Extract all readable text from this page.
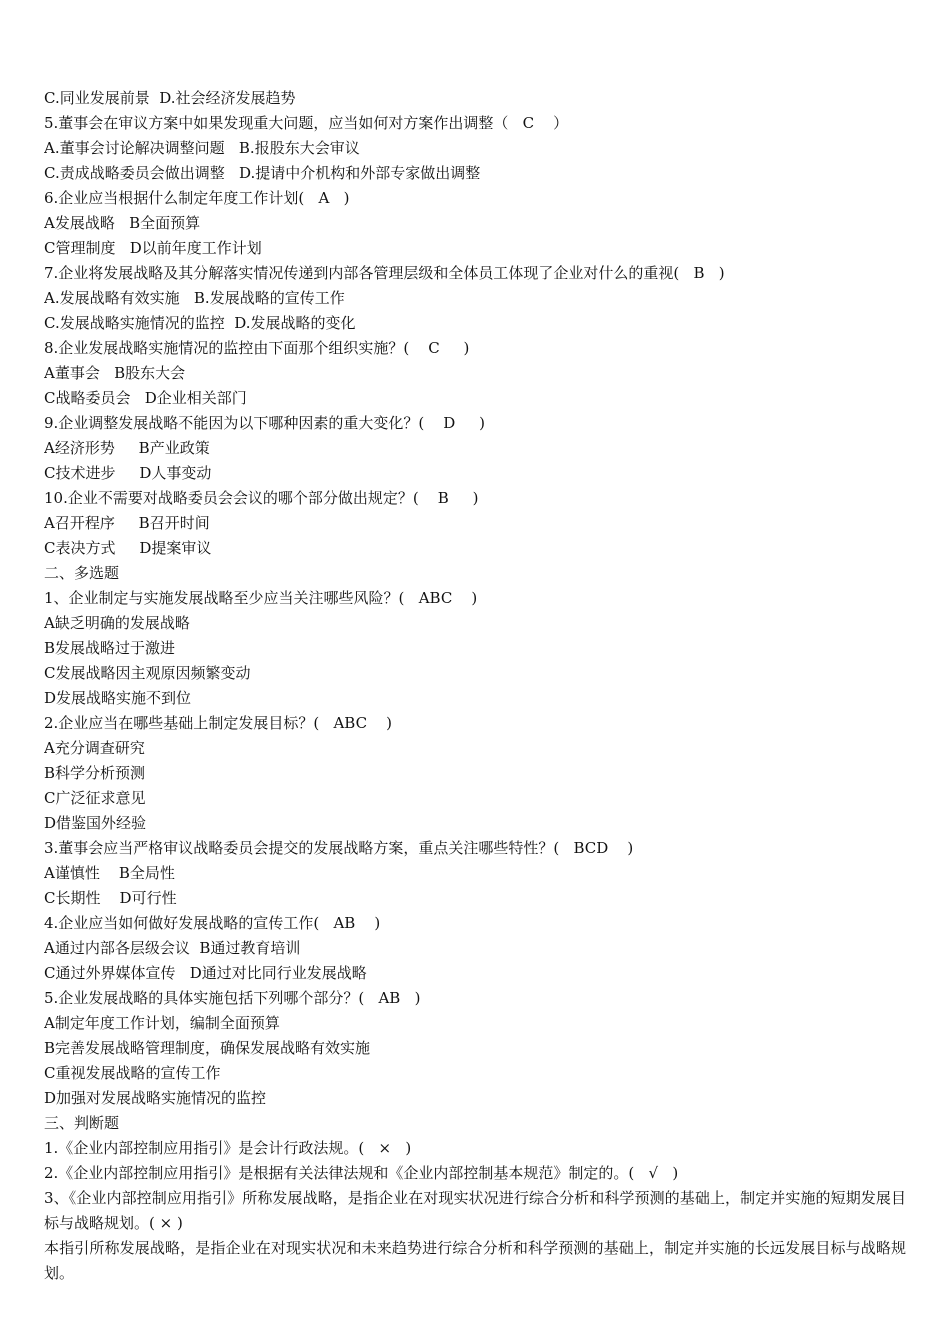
C.同业发展前景  D.社会经济发展趋势
5.董事会在审议方案中如果发现重大问题，应当如何对方案作出调整（   C    ）
A.董事会讨论解决调整问题   B.报股东大会审议
C.责成战略委员会做出调整   D.提请中介机构和外部专家做出调整
6.企业应当根据什么制定年度工作计划(   A   )
A发展战略   B全面预算
C管理制度   D以前年度工作计划
7.企业将发展战略及其分解落实情况传递到内部各管理层级和全体员工体现了企业对什么的重视(   B   )
A.发展战略有效实施   B.发展战略的宣传工作
C.发展战略实施情况的监控  D.发展战略的变化
8.企业发展战略实施情况的监控由下面那个组织实施？(    C     )
A董事会   B股东大会
C战略委员会   D企业相关部门
9.企业调整发展战略不能因为以下哪种因素的重大变化？(    D     )
A经济形势     B产业政策
C技术进步     D人事变动
10.企业不需要对战略委员会会议的哪个部分做出规定？(    B     )
A召开程序     B召开时间
C表决方式     D提案审议
二、多选题
1、企业制定与实施发展战略至少应当关注哪些风险？(   ABC    )
A缺乏明确的发展战略
B发展战略过于激进
C发展战略因主观原因频繁变动
D发展战略实施不到位
2.企业应当在哪些基础上制定发展目标？(   ABC    )
A充分调查研究
B科学分析预测
C广泛征求意见
D借鉴国外经验
3.董事会应当严格审议战略委员会提交的发展战略方案，重点关注哪些特性？(   BCD    )
A谨慎性    B全局性
C长期性    D可行性
4.企业应当如何做好发展战略的宣传工作(   AB    )
A通过内部各层级会议  B通过教育培训
C通过外界媒体宣传   D通过对比同行业发展战略
5.企业发展战略的具体实施包括下列哪个部分？(   AB   )
A制定年度工作计划，编制全面预算
B完善发展战略管理制度，确保发展战略有效实施
C重视发展战略的宣传工作
D加强对发展战略实施情况的监控
三、判断题
1.《企业内部控制应用指引》是会计行政法规。(   ×   )
2.《企业内部控制应用指引》是根据有关法律法规和《企业内部控制基本规范》制定的。(   √   )
3、《企业内部控制应用指引》所称发展战略，是指企业在对现实状况进行综合分析和科学预测的基础上，制定并实施的短期发展目标与战略规划。( × )
本指引所称发展战略，是指企业在对现实状况和未来趋势进行综合分析和科学预测的基础上，制定并实施的长远发展目标与战略规划。
